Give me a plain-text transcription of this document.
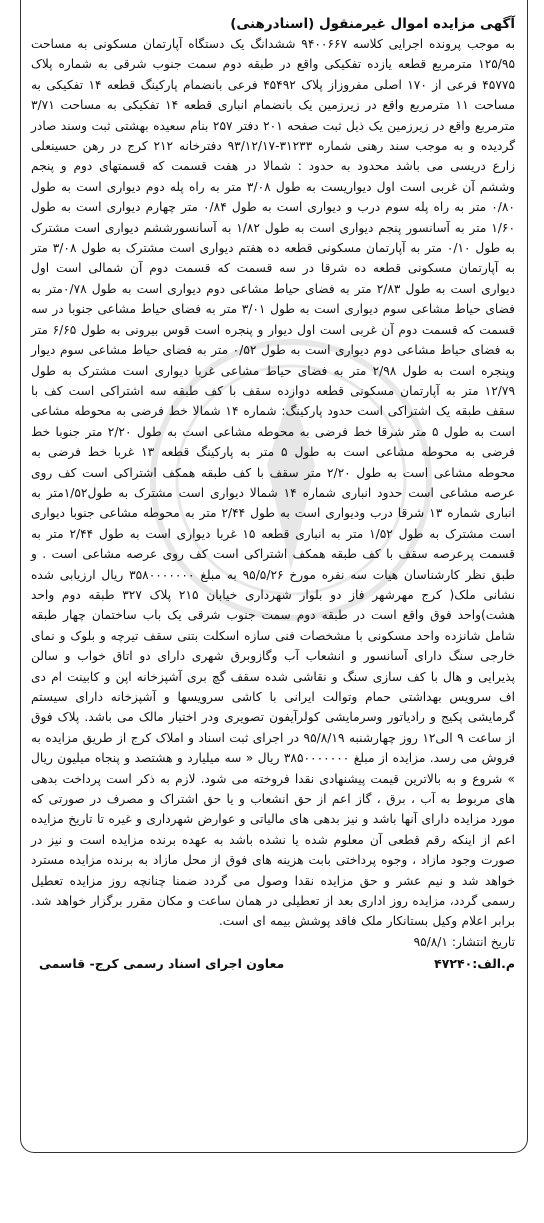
آگهی مزایده اموال غیرمنقول (اسنادرهنی)

به موجب پرونده اجرایی کلاسه ۹۴۰۰۶۶۷ ششدانگ یک دستگاه آپارتمان مسکونی به مساحت ۱۲۵/۹۵ مترمربع قطعه یازده تفکیکی واقع در طبقه دوم سمت جنوب شرقی به شماره پلاک ۴۵۷۷۵ فرعی از ۱۷۰ اصلی مفروزاز پلاک ۴۵۴۹۲ فرعی بانضمام پارکینگ قطعه ۱۴ تفکیکی به مساحت ۱۱ مترمربع واقع در زیرزمین یک بانضمام انباری قطعه ۱۴ تفکیکی به مساحت ۳/۷۱ مترمربع واقع در زیرزمین یک ذیل ثبت صفحه ۲۰۱ دفتر ۲۵۷ بنام سعیده بهشتی ثبت وسند صادر گردیده و به موجب سند رهنی شماره ۳۱۲۳۳-۹۳/۱۲/۱۷ دفترخانه ۲۱۲ کرج در رهن حسینعلی زارع دریسی می باشد محدود به حدود : شمالا در هفت قسمت که قسمتهای دوم و پنجم وششم آن غربی است اول دیواریست به طول ۳/۰۸ متر به راه پله دوم دیواری است به طول ۰/۸۰ متر به راه پله سوم درب و دیواری است به طول ۰/۸۴ متر چهارم دیواری است به طول ۱/۶۰ متر به آسانسور پنجم دیواری است به طول ۱/۸۲ به آسانسورششم دیواری است مشترک به طول ۰/۱۰ متر به آپارتمان مسکونی قطعه ده هفتم دیواری است مشترک به طول ۳/۰۸ متر به آپارتمان مسکونی قطعه ده شرقا در سه قسمت که قسمت دوم آن شمالی است اول دیواری است به طول ۲/۸۳ متر به فضای حیاط مشاعی دوم دیواری است به طول ۰/۷۸متر به فضای حیاط مشاعی سوم دیواری است به طول ۳/۰۱ متر به فضای حیاط مشاعی جنوبا در سه قسمت که قسمت دوم آن غربی است اول دیوار و پنجره است قوس بیرونی به طول ۶/۶۵ متر به فضای حیاط مشاعی دوم دیواری است به طول ۰/۵۲ متر به فضای حیاط مشاعی سوم دیوار وپنجره است به طول ۲/۹۸ متر به فضای حیاط مشاعی غربا دیواری است مشترک به طول ۱۲/۷۹ متر به آپارتمان مسکونی قطعه دوازده سقف با کف طبقه سه اشتراکی است کف با سقف طبقه یک اشتراکی است حدود پارکینگ: شماره ۱۴ شمالا خط فرضی به محوطه مشاعی است به طول ۵ متر شرقا خط فرضی به محوطه مشاعی است به طول ۲/۲۰ متر جنوبا خط فرضی به محوطه مشاعی است به طول ۵ متر به پارکینگ قطعه ۱۳ غربا خط فرضی به محوطه مشاعی است به طول ۲/۲۰ متر سقف با کف طبقه همکف اشتراکی است کف روی عرصه مشاعی است حدود انباری شماره ۱۴ شمالا دیواری است مشترک به طول۱/۵۲متر به انباری شماره ۱۳ شرقا درب ودیواری است به طول ۲/۴۴ متر به محوطه مشاعی جنوبا دیواری است مشترک به طول ۱/۵۲ متر به انباری قطعه ۱۵ غربا دیواری است به طول ۲/۴۴ متر به قسمت پرعرصه سقف با کف طبقه همکف اشتراکی است کف روی عرصه مشاعی است . و طبق نظر کارشناسان هیات سه نفره مورخ ۹۵/۵/۲۶ به مبلغ ۳۵۸۰۰۰۰۰۰۰ ریال ارزیابی شده نشانی ملک( کرج مهرشهر فاز دو بلوار شهرداری خیابان ۲۱۵ پلاک ۳۲۷ طبقه دوم واحد هشت)واحد فوق واقع است در طبقه دوم سمت جنوب شرقی یک باب ساختمان چهار طبقه شامل شانزده واحد مسکونی با مشخصات فنی سازه اسکلت بتنی سقف تیرچه و بلوک و نمای خارجی سنگ دارای آسانسور و انشعاب آب وگازوبرق شهری دارای دو اتاق خواب و سالن پذیرایی و هال با کف سازی سنگ و نقاشی شده سقف گچ بری آشپزخانه اپن و کابینت ام دی اف سرویس بهداشتی حمام وتوالت ایرانی با کاشی سرویسها و آشپزخانه دارای سیستم گرمایشی پکیج و رادیاتور وسرمایشی کولرآیفون تصویری ودر اختیار مالک می باشد. پلاک فوق از ساعت ۹ الی۱۲ روز چهارشنبه ۹۵/۸/۱۹ در اجرای ثبت اسناد و املاک کرج از طریق مزایده به فروش می رسد. مزایده از مبلغ ۳۸۵۰۰۰۰۰۰۰ ریال « سه میلیارد و هشتصد و پنجاه میلیون ریال » شروع و به بالاترین قیمت پیشنهادی نقدا فروخته می شود. لازم به ذکر است پرداخت بدهی های مربوط به آب ، برق ، گاز اعم از حق انشعاب و یا حق اشتراک و مصرف در صورتی که مورد مزایده دارای آنها باشد و نیز بدهی های مالیاتی و عوارض شهرداری و غیره تا تاریخ مزایده اعم از اینکه رقم قطعی آن معلوم شده یا نشده باشد به عهده برنده مزایده است و نیز در صورت وجود مازاد ، وجوه پرداختی بابت هزینه های فوق از محل مازاد به برنده مزایده مسترد خواهد شد و نیم عشر و حق مزایده نقدا وصول می گردد ضمنا چنانچه روز مزایده تعطیل رسمی گردد، مزایده روز اداری بعد از تعطیلی در همان ساعت و مکان مقرر برگزار خواهد شد. برابر اعلام وکیل بستانکار ملک فاقد پوشش بیمه ای است.

تاریخ انتشار: ۹۵/۸/۱

م.الف:۴۷۲۴۰
معاون اجرای اسناد رسمی کرج- قاسمی
